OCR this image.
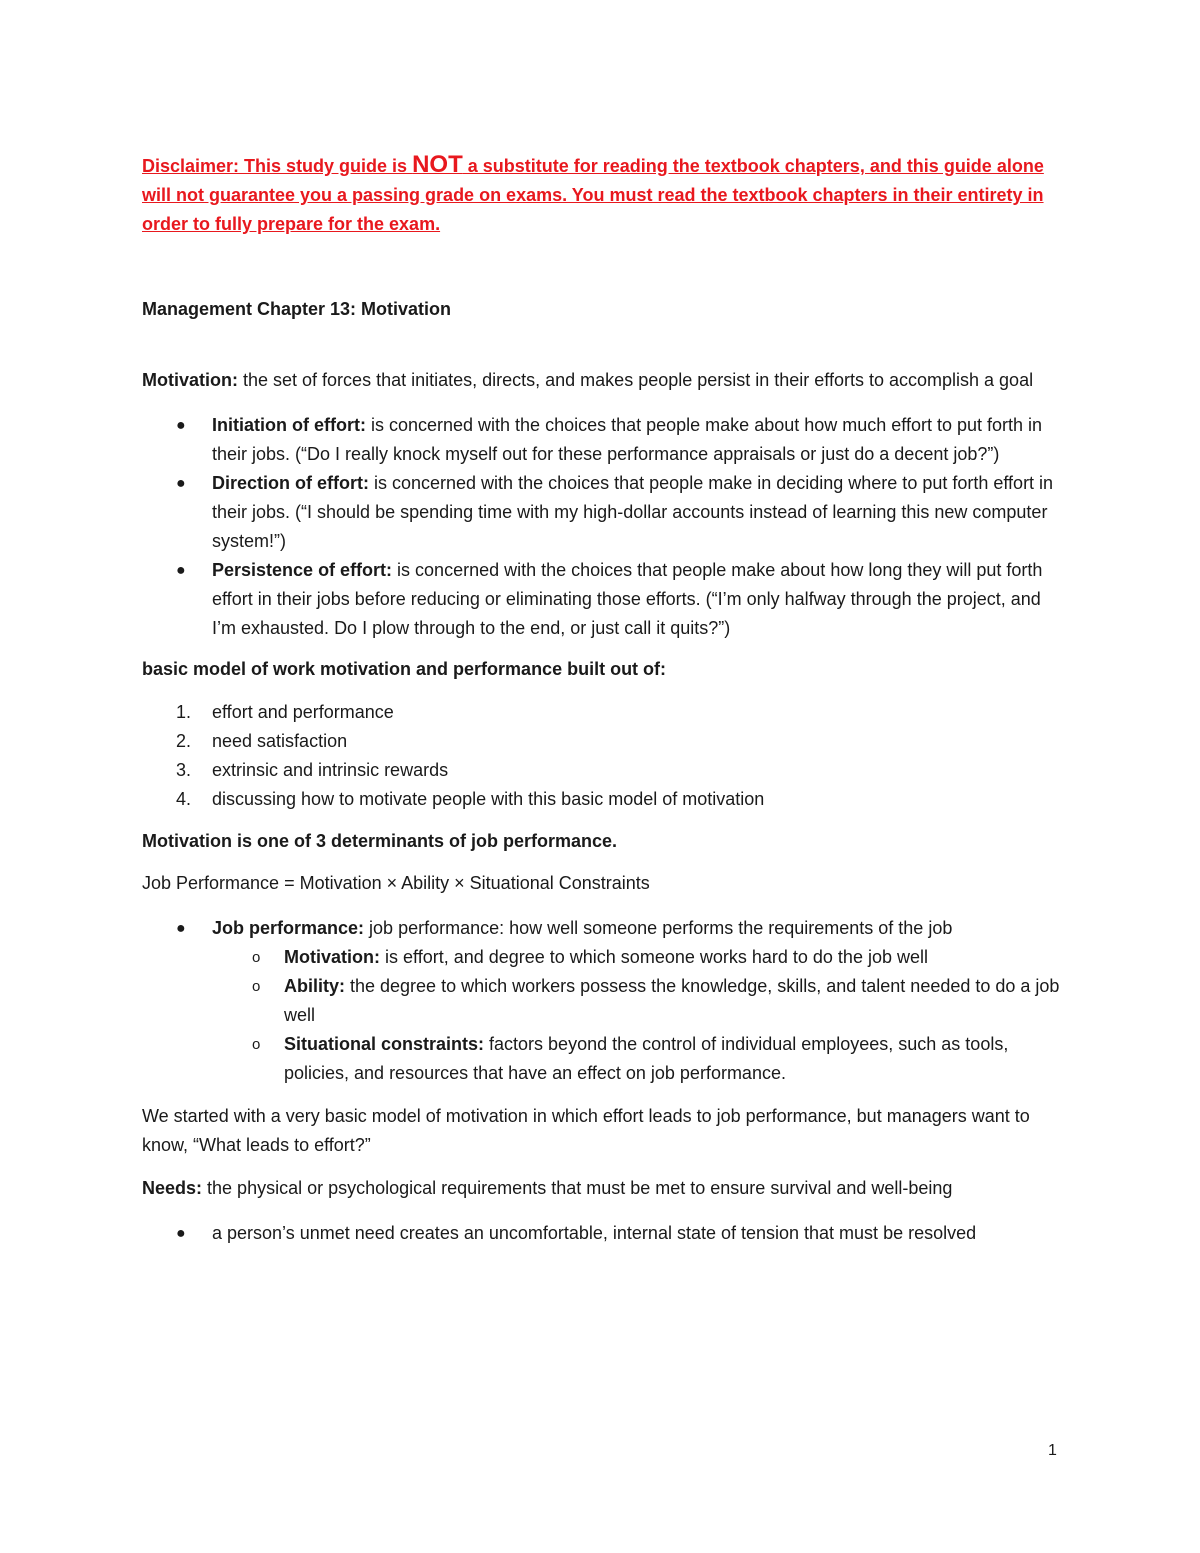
Disclaimer: This study guide is NOT a substitute for reading the textbook chapters, and this guide alone will not guarantee you a passing grade on exams. You must read the textbook chapters in their entirety in order to fully prepare for the exam.

Management Chapter 13: Motivation

Motivation: the set of forces that initiates, directs, and makes people persist in their efforts to accomplish a goal

● Initiation of effort: is concerned with the choices that people make about how much effort to put forth in their jobs. (“Do I really knock myself out for these performance appraisals or just do a decent job?”)
● Direction of effort: is concerned with the choices that people make in deciding where to put forth effort in their jobs. (“I should be spending time with my high-dollar accounts instead of learning this new computer system!”)
● Persistence of effort: is concerned with the choices that people make about how long they will put forth effort in their jobs before reducing or eliminating those efforts. (“I’m only halfway through the project, and I’m exhausted. Do I plow through to the end, or just call it quits?”)

basic model of work motivation and performance built out of:

1. effort and performance
2. need satisfaction
3. extrinsic and intrinsic rewards
4. discussing how to motivate people with this basic model of motivation

Motivation is one of 3 determinants of job performance.

Job Performance = Motivation × Ability × Situational Constraints

● Job performance: job performance: how well someone performs the requirements of the job
o Motivation: is effort, and degree to which someone works hard to do the job well
o Ability: the degree to which workers possess the knowledge, skills, and talent needed to do a job well
o Situational constraints: factors beyond the control of individual employees, such as tools, policies, and resources that have an effect on job performance.

We started with a very basic model of motivation in which effort leads to job performance, but managers want to know, “What leads to effort?”

Needs: the physical or psychological requirements that must be met to ensure survival and well-being

● a person’s unmet need creates an uncomfortable, internal state of tension that must be resolved
1
